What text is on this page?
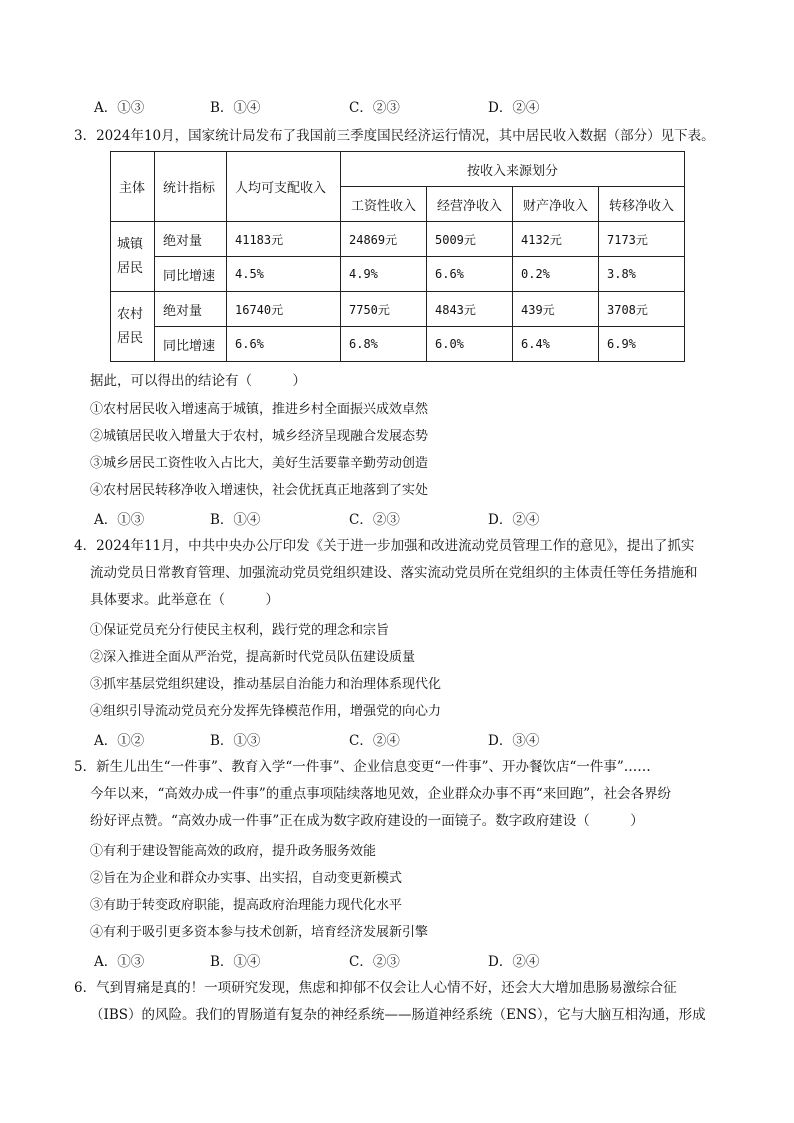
A．①③	B．①④	C．②③	D．②④
3．2024年10月，国家统计局发布了我国前三季度国民经济运行情况，其中居民收入数据（部分）见下表。
主体	统计指标	人均可支配收入	按收入来源划分			
			工资性收入	经营净收入	财产净收入	转移净收入
城镇
居民	绝对量	41183元	24869元	5009元	4132元	7173元
	同比增速	4.5%	4.9%	6.6%	0.2%	3.8%
农村
居民	绝对量	16740元	7750元	4843元	439元	3708元
	同比增速	6.6%	6.8%	6.0%	6.4%	6.9%
据此，可以得出的结论有（　　　）
①农村居民收入增速高于城镇，推进乡村全面振兴成效卓然
②城镇居民收入增量大于农村，城乡经济呈现融合发展态势
③城乡居民工资性收入占比大，美好生活要靠辛勤劳动创造
④农村居民转移净收入增速快，社会优抚真正地落到了实处
A．①③	B．①④	C．②③	D．②④
4．2024年11月，中共中央办公厅印发《关于进一步加强和改进流动党员管理工作的意见》，提出了抓实
流动党员日常教育管理、加强流动党员党组织建设、落实流动党员所在党组织的主体责任等任务措施和
具体要求。此举意在（　　　）
①保证党员充分行使民主权利，践行党的理念和宗旨
②深入推进全面从严治党，提高新时代党员队伍建设质量
③抓牢基层党组织建设，推动基层自治能力和治理体系现代化
④组织引导流动党员充分发挥先锋模范作用，增强党的向心力
A．①②	B．①③	C．②④	D．③④
5．新生儿出生“一件事”、教育入学“一件事”、企业信息变更“一件事”、开办餐饮店“一件事”……
今年以来，“高效办成一件事”的重点事项陆续落地见效，企业群众办事不再“来回跑”，社会各界纷
纷好评点赞。“高效办成一件事”正在成为数字政府建设的一面镜子。数字政府建设（　　　）
①有利于建设智能高效的政府，提升政务服务效能
②旨在为企业和群众办实事、出实招，自动变更新模式
③有助于转变政府职能，提高政府治理能力现代化水平
④有利于吸引更多资本参与技术创新，培育经济发展新引擎
A．①③	B．①④	C．②③	D．②④
6．气到胃痛是真的！一项研究发现，焦虑和抑郁不仅会让人心情不好，还会大大增加患肠易激综合征
（IBS）的风险。我们的胃肠道有复杂的神经系统——肠道神经系统（ENS），它与大脑互相沟通，形成
